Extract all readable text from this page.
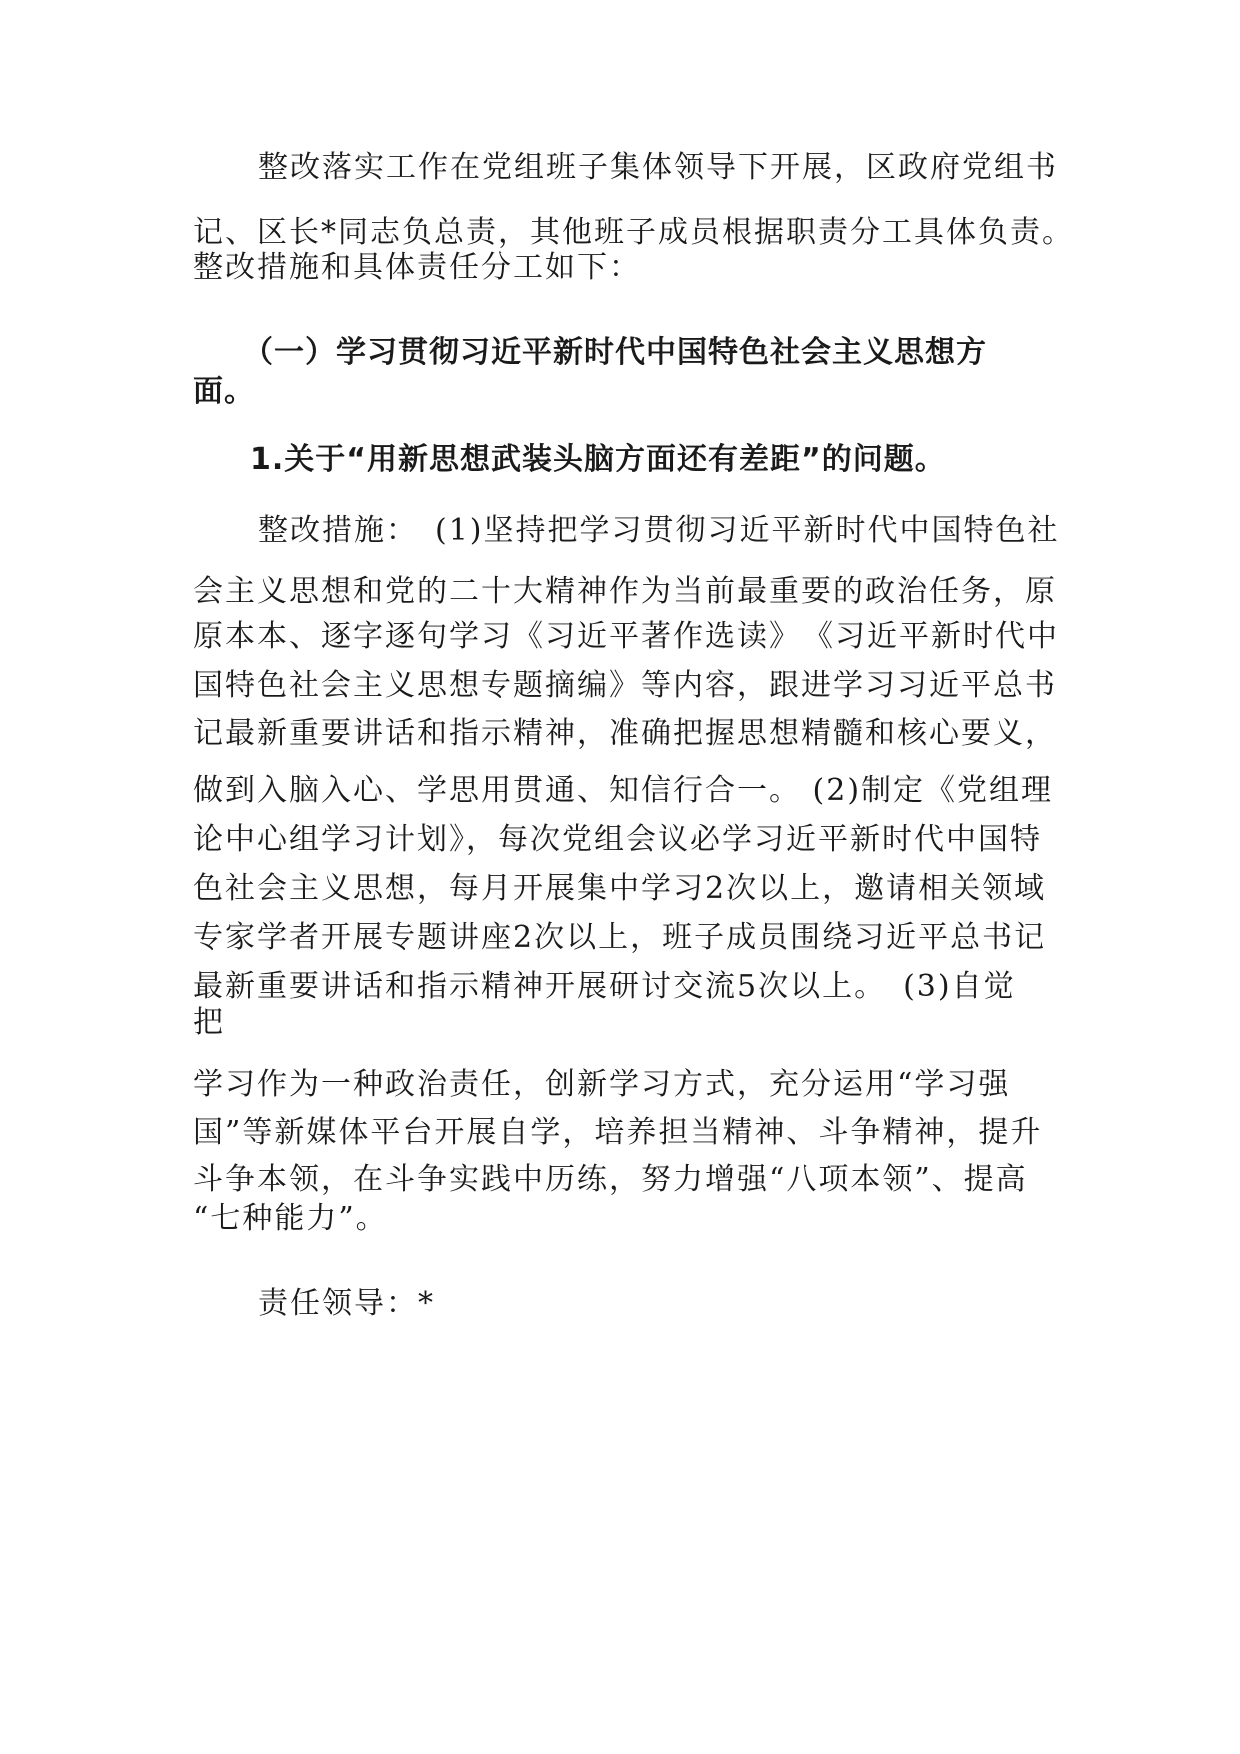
整改落实工作在党组班子集体领导下开展，区政府党组书
记、区长*同志负总责，其他班子成员根据职责分工具体负责。
整改措施和具体责任分工如下：
（一）学习贯彻习近平新时代中国特色社会主义思想方
面。
1.关于“用新思想武装头脑方面还有差距”的问题。
整改措施：　(1)坚持把学习贯彻习近平新时代中国特色社
会主义思想和党的二十大精神作为当前最重要的政治任务，原
原本本、逐字逐句学习《习近平著作选读》　《习近平新时代中
国特色社会主义思想专题摘编》等内容，跟进学习习近平总书
记最新重要讲话和指示精神，准确把握思想精髓和核心要义，
做到入脑入心、学思用贯通、知信行合一。 (2)制定《党组理
论中心组学习计划》，每次党组会议必学习近平新时代中国特
色社会主义思想，每月开展集中学习2次以上，邀请相关领域
专家学者开展专题讲座2次以上，班子成员围绕习近平总书记
最新重要讲话和指示精神开展研讨交流5次以上。　(3)自觉
把
学习作为一种政治责任，创新学习方式，充分运用“学习强
国”等新媒体平台开展自学，培养担当精神、斗争精神，提升
斗争本领，在斗争实践中历练，努力增强“八项本领”、提高
“七种能力”。
责任领导：*
